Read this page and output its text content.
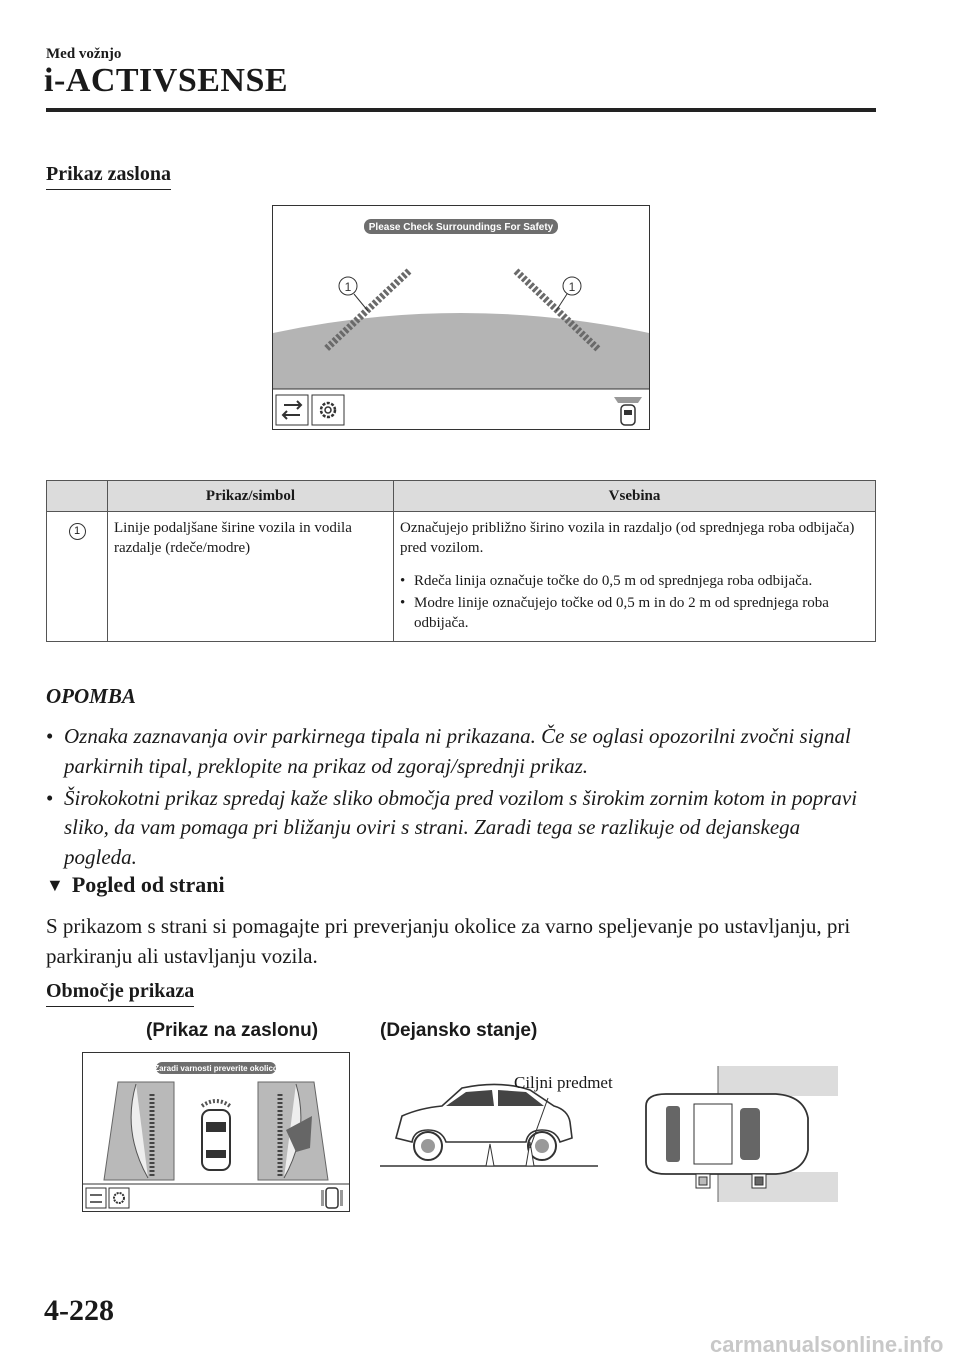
Med vožnjo
i-ACTIVSENSE
Prikaz zaslona
Please Check Surroundings For Safety
1	1
	Prikaz/simbol	Vsebina
1	Linije podaljšane širine vozila in vodila razdalje (rdeče/modre)	Označujejo približno širino vozila in razdaljo (od sprednjega roba odbijača) pred vozilom.
• Rdeča linija označuje točke do 0,5 m od sprednjega roba odbijača.
• Modre linije označujejo točke od 0,5 m in do 2 m od sprednjega roba odbijača.
OPOMBA
• Oznaka zaznavanja ovir parkirnega tipala ni prikazana. Če se oglasi opozorilni zvočni signal parkirnih tipal, preklopite na prikaz od zgoraj/sprednji prikaz.
• Širokokotni prikaz spredaj kaže sliko območja pred vozilom s širokim zornim kotom in popravi sliko, da vam pomaga pri bližanju oviri s strani. Zaradi tega se razlikuje od dejanskega pogleda.
▼ Pogled od strani
S prikazom s strani si pomagajte pri preverjanju okolice za varno speljevanje po ustavljanju, pri parkiranju ali ustavljanju vozila.
Območje prikaza
(Prikaz na zaslonu)	(Dejansko stanje)
Zaradi varnosti preverite okolico
Ciljni predmet
4-228
carmanualsonline.info
